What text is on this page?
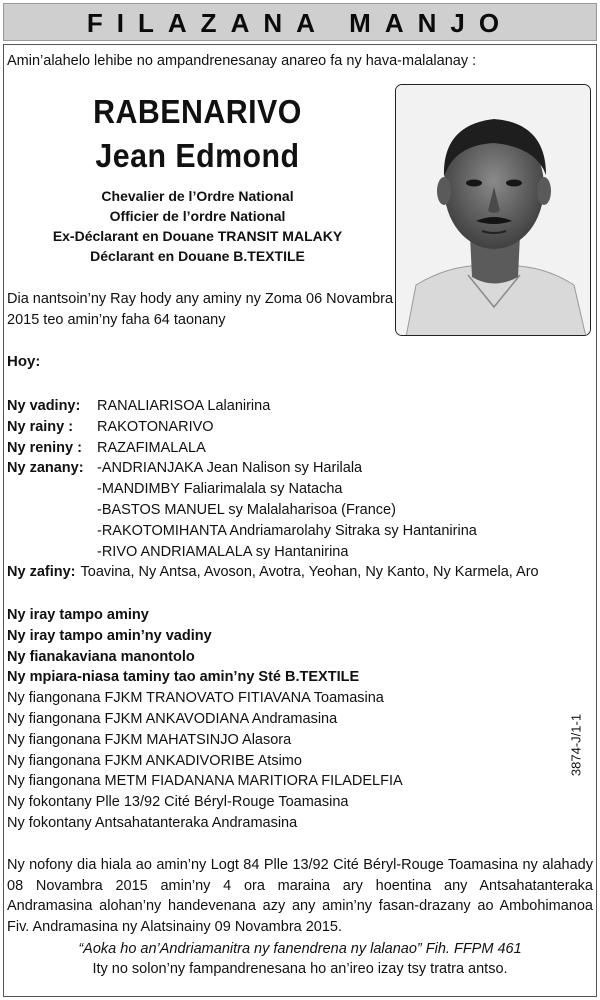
FILAZANA MANJO
Amin’alahelo lehibe no ampandrenesanay anareo fa ny hava-malalanay :
RABENARIVO
Jean Edmond
Chevalier de l’Ordre National
Officier de l’ordre National
Ex-Déclarant en Douane TRANSIT MALAKY
Déclarant en Douane B.TEXTILE
Dia nantsoin’ny Ray hody any aminy ny Zoma 06 Novambra 2015 teo amin’ny faha 64 taonany
Hoy:
Ny vadiny:	RANALIARISOA Lalanirina
Ny rainy :	RAKOTONARIVO
Ny reniny :	RAZAFIMALALA
Ny zanany: -ANDRIANJAKA Jean Nalison sy Harilala
-MANDIMBY Faliarimalala sy Natacha
-BASTOS MANUEL sy Malalaharisoa (France)
-RAKOTOMIHANTA Andriamarolahy Sitraka sy Hantanirina
-RIVO ANDRIAMALALA sy Hantanirina
Ny zafiny: Toavina, Ny Antsa, Avoson, Avotra, Yeohan, Ny Kanto, Ny Karmela, Aro
Ny iray tampo aminy
Ny iray tampo amin’ny vadiny
Ny fianakaviana manontolo
Ny mpiara-niasa taminy tao amin’ny Sté B.TEXTILE
Ny fiangonana FJKM TRANOVATO FITIAVANA Toamasina
Ny fiangonana FJKM ANKAVODIANA Andramasina
Ny fiangonana FJKM MAHATSINJO Alasora
Ny fiangonana FJKM ANKADIVORIBE Atsimo
Ny fiangonana METM FIADANANA MARITIORA FILADELFIA
Ny fokontany Plle 13/92 Cité Béryl-Rouge Toamasina
Ny fokontany Antsahatanteraka Andramasina
3874-J/1-1
Ny nofony dia hiala ao amin’ny Logt 84 Plle 13/92 Cité Béryl-Rouge Toamasina ny alahady 08 Novambra 2015 amin’ny 4 ora maraina ary hoentina any Antsahatanteraka Andramasina alohan’ny handevenana azy any amin’ny fasan-drazany ao Ambohimanoa Fiv. Andramasina ny Alatsinainy 09 Novambra 2015.
“Aoka ho an’Andriamanitra ny fanendrena ny lalanao” Fih. FFPM 461
Ity no solon’ny fampandrenesana ho an’ireo izay tsy tratra antso.
